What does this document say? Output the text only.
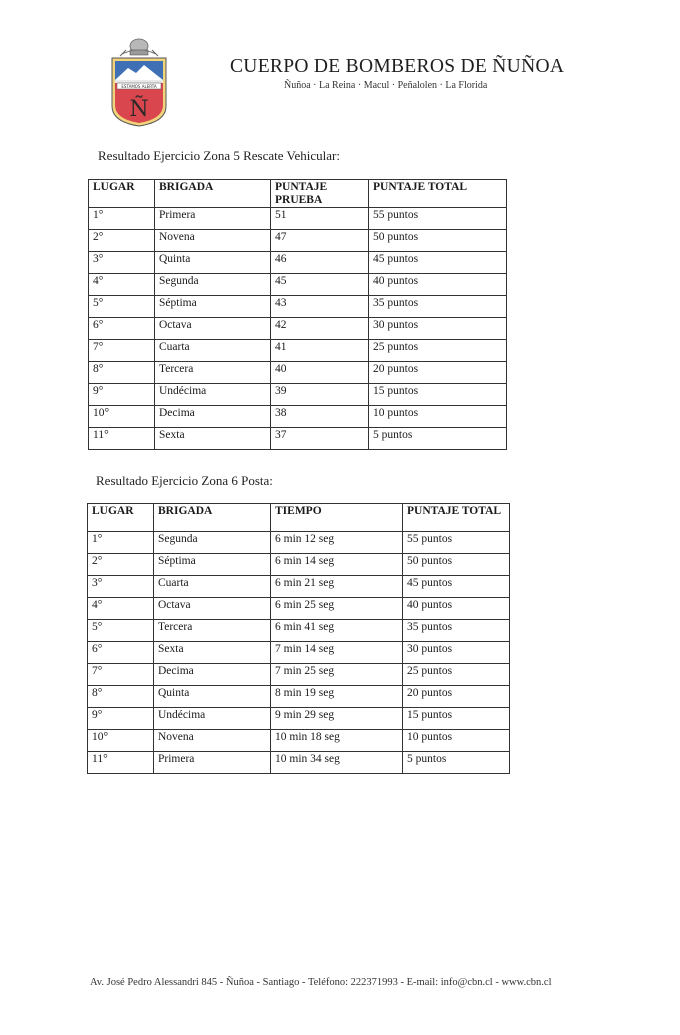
ESTAMOS ALERTA
Ñ
CUERPO DE BOMBEROS DE ÑUÑOA
Ñuñoa · La Reina · Macul · Peñalolen · La Florida
Resultado Ejercicio Zona 5 Rescate Vehicular:
LUGAR	BRIGADA	PUNTAJE PRUEBA	PUNTAJE TOTAL
1°	Primera	51	55 puntos
2°	Novena	47	50 puntos
3°	Quinta	46	45 puntos
4°	Segunda	45	40 puntos
5°	Séptima	43	35 puntos
6°	Octava	42	30 puntos
7°	Cuarta	41	25 puntos
8°	Tercera	40	20 puntos
9°	Undécima	39	15 puntos
10°	Decima	38	10 puntos
11°	Sexta	37	5 puntos
Resultado Ejercicio Zona 6 Posta:
LUGAR	BRIGADA	TIEMPO	PUNTAJE TOTAL
1°	Segunda	6 min 12 seg	55 puntos
2°	Séptima	6 min 14 seg	50 puntos
3°	Cuarta	6 min 21 seg	45 puntos
4°	Octava	6 min 25 seg	40 puntos
5°	Tercera	6 min 41 seg	35 puntos
6°	Sexta	7 min 14 seg	30 puntos
7°	Decima	7 min 25 seg	25 puntos
8°	Quinta	8 min 19 seg	20 puntos
9°	Undécima	9 min 29 seg	15 puntos
10°	Novena	10 min 18 seg	10 puntos
11°	Primera	10 min 34 seg	5 puntos
Av. José Pedro Alessandri 845 - Ñuñoa - Santiago - Teléfono: 222371993 - E-mail: info@cbn.cl - www.cbn.cl
